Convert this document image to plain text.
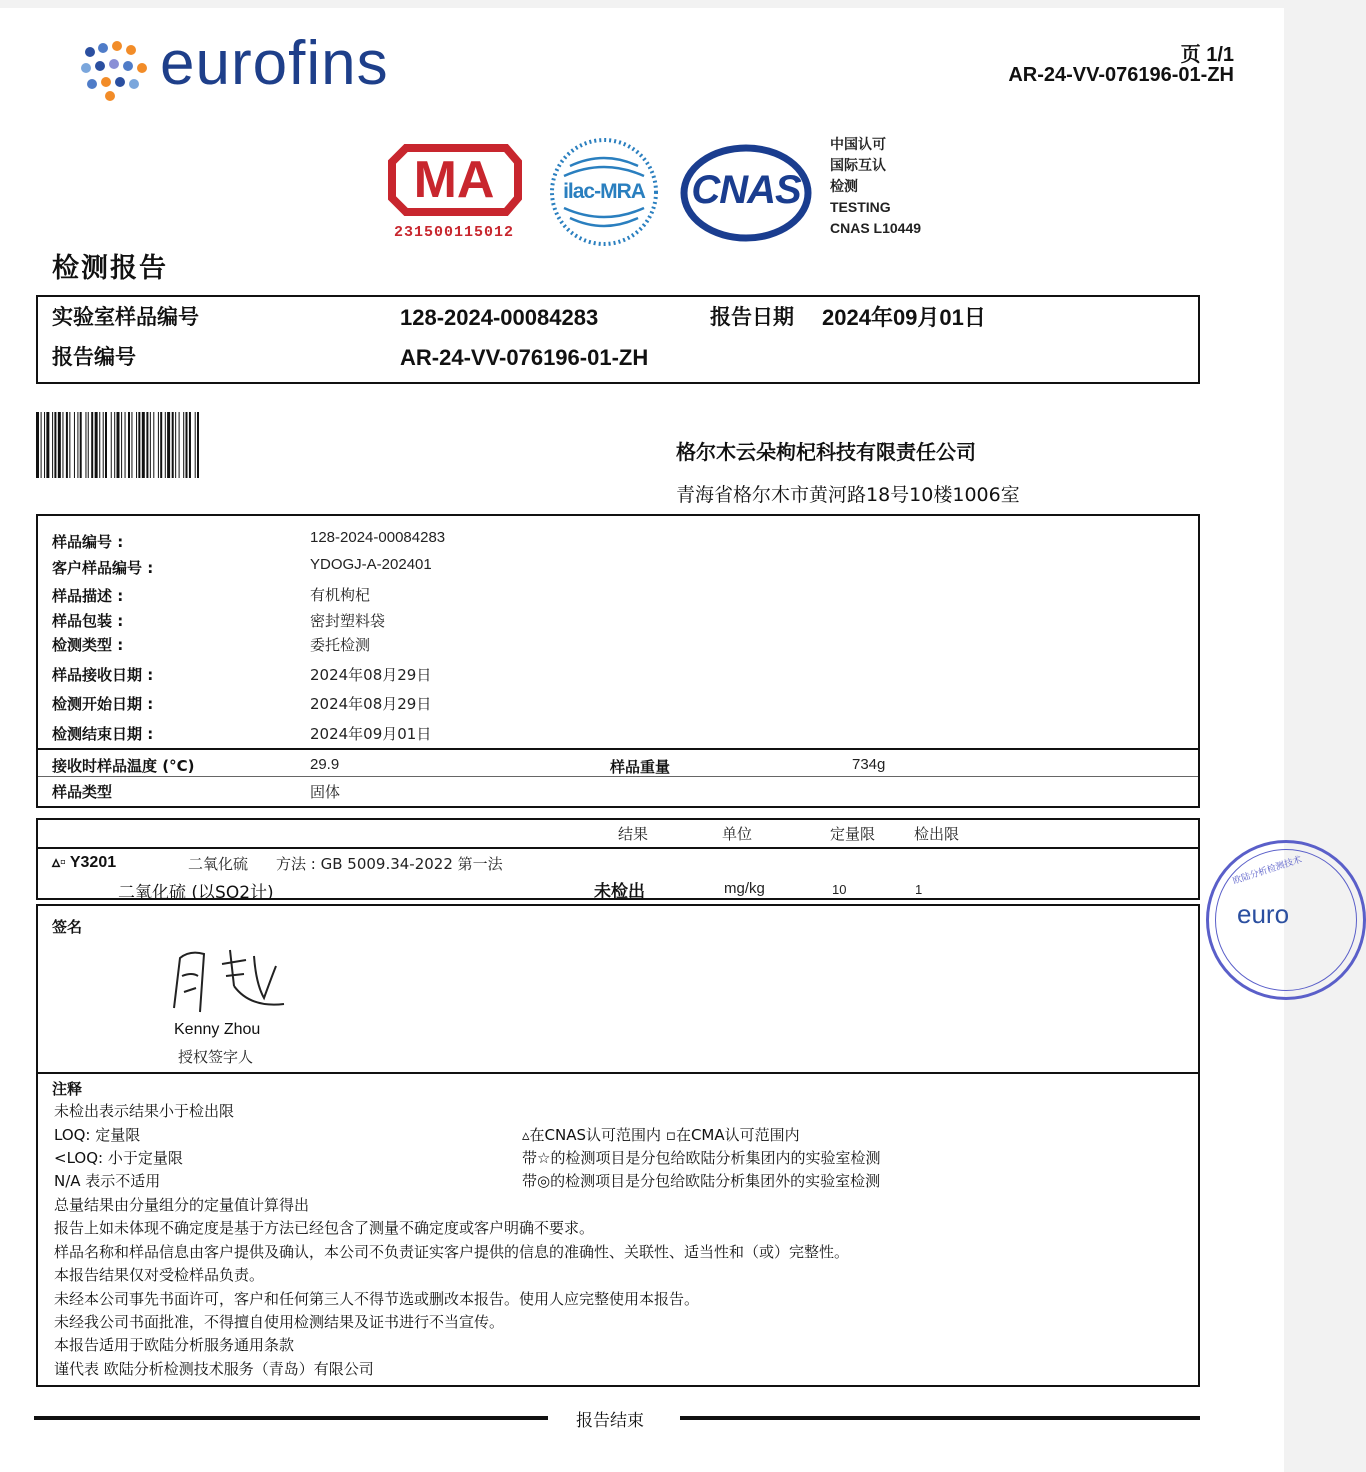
eurofins	页 1/1
AR-24-VV-076196-01-ZH
MA
231500115012
ilac-MRA	CNAS
中国认可
国际互认
检测
TESTING
CNAS L10449
检测报告
实验室样品编号	128-2024-00084283	报告日期 2024年09月01日
报告编号	AR-24-VV-076196-01-ZH
格尔木云朵枸杞科技有限责任公司
青海省格尔木市黄河路18号10楼1006室
样品编号 :	128-2024-00084283
客户样品编号 :	YDOGJ-A-202401
样品描述 :	有机枸杞
样品包装 :	密封塑料袋
检测类型 :	委托检测
样品接收日期 :	2024年08月29日
检测开始日期 :	2024年08月29日
检测结束日期 :	2024年09月01日
接收时样品温度 (°C)	29.9	样品重量	734g
样品类型	固体
结果	单位	定量限	检出限
▵▫ Y3201	二氧化硫 方法 : GB 5009.34-2022 第一法
二氧化硫 (以SO2计)	未检出	mg/kg	10	1
签名
Kenny Zhou
授权签字人
注释
未检出表示结果小于检出限
LOQ: 定量限
<LOQ: 小于定量限
N/A 表示不适用
总量结果由分量组分的定量值计算得出
▵在CNAS认可范围内 ▫在CMA认可范围内
带☆的检测项目是分包给欧陆分析集团内的实验室检测
带◎的检测项目是分包给欧陆分析集团外的实验室检测
报告上如未体现不确定度是基于方法已经包含了测量不确定度或客户明确不要求。
样品名称和样品信息由客户提供及确认，本公司不负责证实客户提供的信息的准确性、关联性、适当性和（或）完整性。
本报告结果仅对受检样品负责。
未经本公司事先书面许可，客户和任何第三人不得节选或删改本报告。使用人应完整使用本报告。
未经我公司书面批准，不得擅自使用检测结果及证书进行不当宣传。
本报告适用于欧陆分析服务通用条款
谨代表 欧陆分析检测技术服务（青岛）有限公司
报告结束
欧陆分析检测技术
euro
